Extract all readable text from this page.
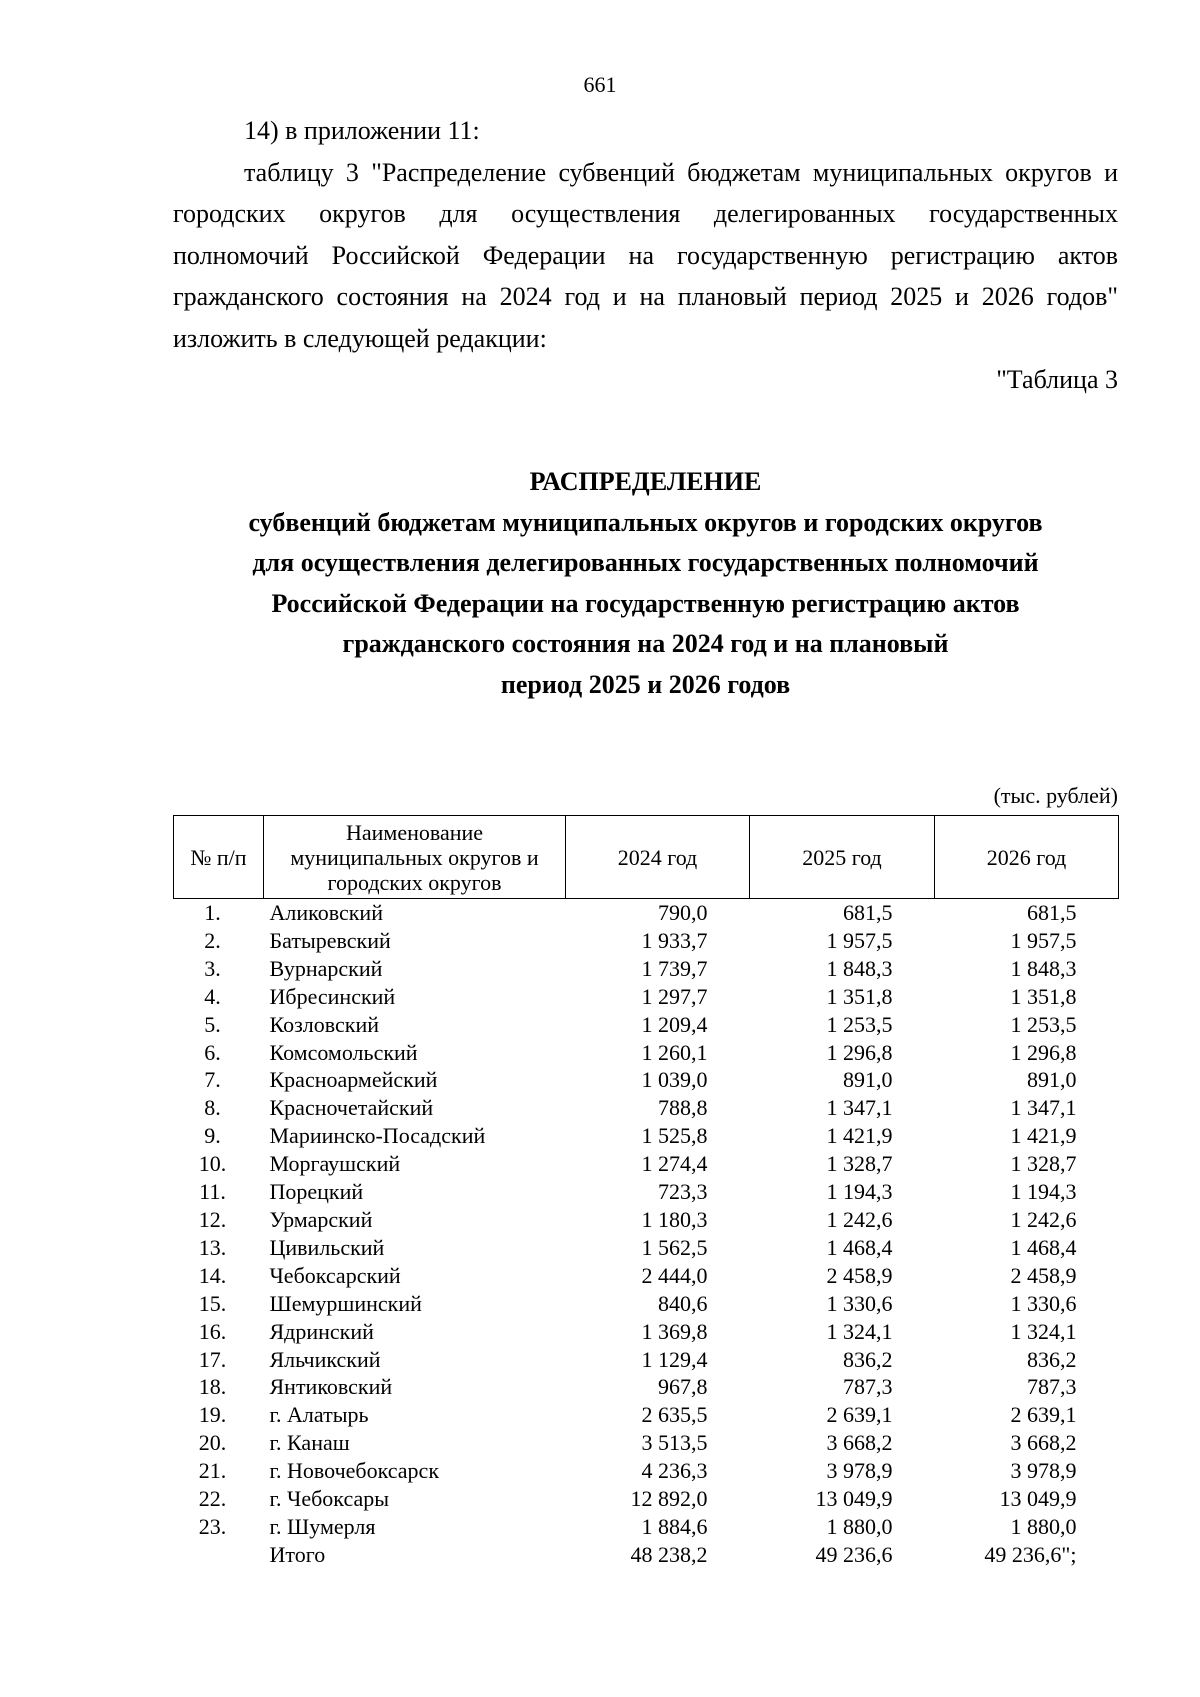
661

14) в приложении 11:

таблицу 3 "Распределение субвенций бюджетам муниципальных округов и городских округов для осуществления делегированных государственных полномочий Российской Федерации на государственную регистрацию актов гражданского состояния на 2024 год и на плановый период 2025 и 2026 годов" изложить в следующей редакции:

"Таблица 3

РАСПРЕДЕЛЕНИЕ
субвенций бюджетам муниципальных округов и городских округов
для осуществления делегированных государственных полномочий
Российской Федерации на государственную регистрацию актов
гражданского состояния на 2024 год и на плановый
период 2025 и 2026 годов
(тыс. рублей)
№ п/п	Наименование муниципальных округов и городских округов	2024 год	2025 год	2026 год
1.	Аликовский	790,0	681,5	681,5
2.	Батыревский	1 933,7	1 957,5	1 957,5
3.	Вурнарский	1 739,7	1 848,3	1 848,3
4.	Ибресинский	1 297,7	1 351,8	1 351,8
5.	Козловский	1 209,4	1 253,5	1 253,5
6.	Комсомольский	1 260,1	1 296,8	1 296,8
7.	Красноармейский	1 039,0	891,0	891,0
8.	Красночетайский	788,8	1 347,1	1 347,1
9.	Мариинско-Посадский	1 525,8	1 421,9	1 421,9
10.	Моргаушский	1 274,4	1 328,7	1 328,7
11.	Порецкий	723,3	1 194,3	1 194,3
12.	Урмарский	1 180,3	1 242,6	1 242,6
13.	Цивильский	1 562,5	1 468,4	1 468,4
14.	Чебоксарский	2 444,0	2 458,9	2 458,9
15.	Шемуршинский	840,6	1 330,6	1 330,6
16.	Ядринский	1 369,8	1 324,1	1 324,1
17.	Яльчикский	1 129,4	836,2	836,2
18.	Янтиковский	967,8	787,3	787,3
19.	г. Алатырь	2 635,5	2 639,1	2 639,1
20.	г. Канаш	3 513,5	3 668,2	3 668,2
21.	г. Новочебоксарск	4 236,3	3 978,9	3 978,9
22.	г. Чебоксары	12 892,0	13 049,9	13 049,9
23.	г. Шумерля	1 884,6	1 880,0	1 880,0
	Итого	48 238,2	49 236,6	49 236,6";
